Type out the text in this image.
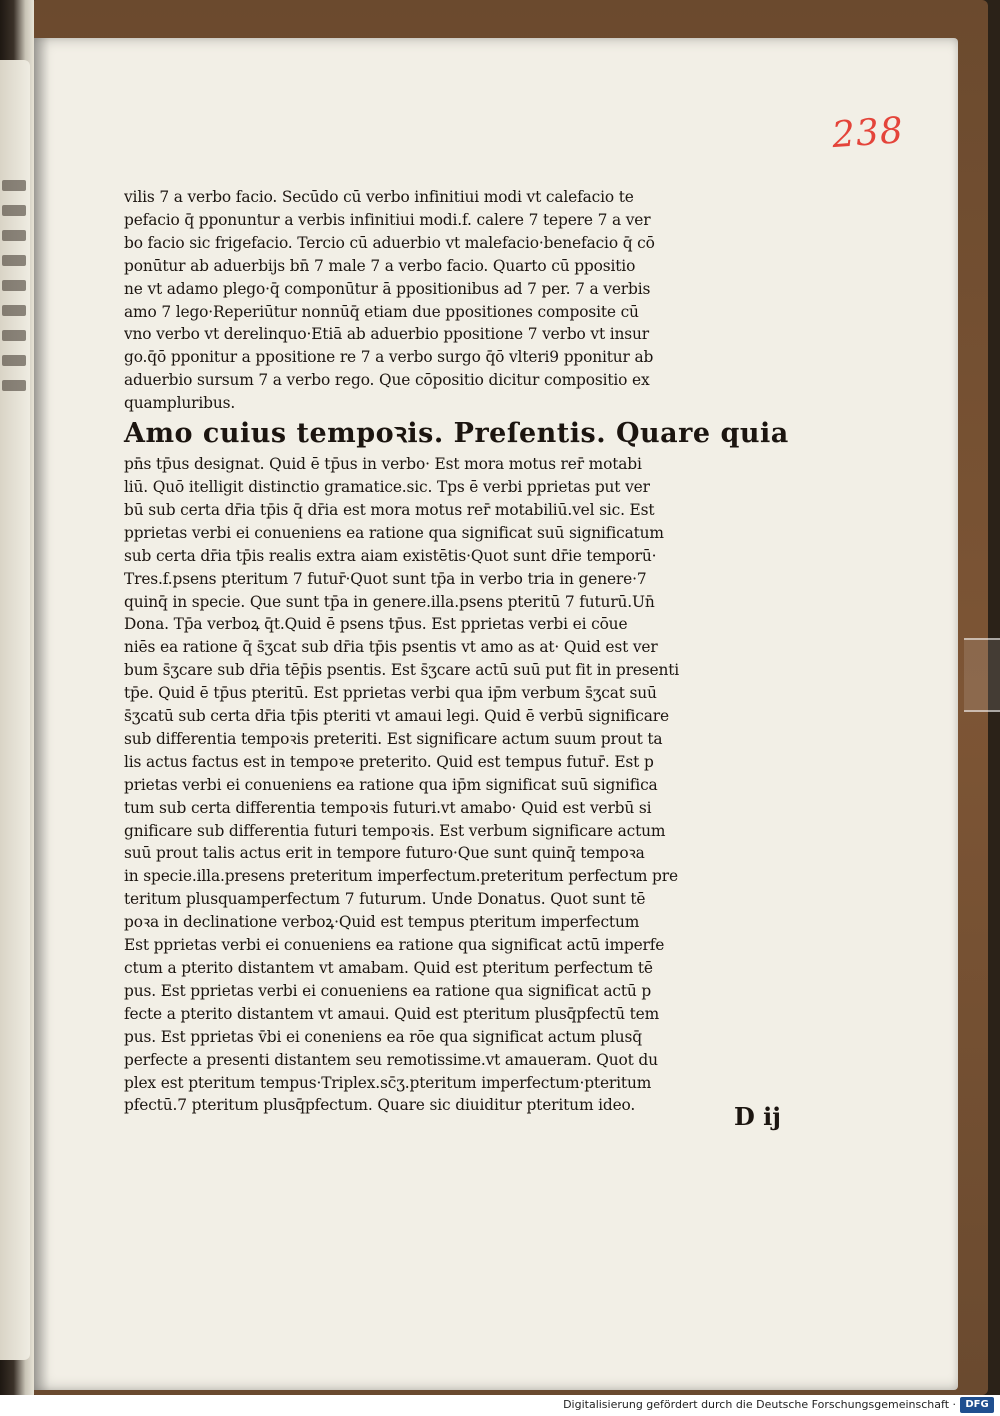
238
vilis 7 a verbo facio. Secūdo cū verbo infinitiui modi vt calefacio te
pefacio q̄ pponuntur a verbis infinitiui modi.f. calere 7 tepere 7 a ver
bo facio sic frigefacio. Tercio cū aduerbio vt malefacio·benefacio q̄ cō
ponūtur ab aduerbijs bn̄ 7 male 7 a verbo facio. Quarto cū ppositio
ne vt adamo plego·q̄ componūtur ā ppositionibus ad 7 per. 7 a verbis
amo 7 lego·Reperiūtur nonnūq̄ etiam due ppositiones composite cū
vno verbo vt derelinquo·Etiā ab aduerbio ppositione 7 verbo vt insur
go.q̄ō pponitur a ppositione re 7 a verbo surgo q̄ō vlteri9 pponitur ab
aduerbio sursum 7 a verbo rego. Que cōpositio dicitur compositio ex
quampluribus.
Amo cuius tempoꝛis. Preſentis. Quare quia
pn̄s tp̄us designat. Quid ē tp̄us in verbo· Est mora motus rer̄ motabi
liū. Quō itelligit distinctio gramatice.sic. Tps ē verbi pprietas put ver
bū sub certa dr̄ia tp̄is q̄ dr̄ia est mora motus rer̄ motabiliū.vel sic. Est
pprietas verbi ei conueniens ea ratione qua significat suū significatum
sub certa dr̄ia tp̄is realis extra aiam existētis·Quot sunt dr̄ie temporū·
Tres.f.psens pteritum 7 futur̄·Quot sunt tp̄a in verbo tria in genere·7
quinq̄ in specie. Que sunt tp̄a in genere.illa.psens pteritū 7 futurū.Un̄
Dona. Tp̄a verboꝝ q̄t.Quid ē psens tp̄us. Est pprietas verbi ei cōue
niēs ea ratione q̄ s̄ʒcat sub dr̄ia tp̄is psentis vt amo as at· Quid est ver
bum s̄ʒcare sub dr̄ia tēp̄is psentis. Est s̄ʒcare actū suū put fit in presenti
tp̄e. Quid ē tp̄us pteritū. Est pprietas verbi qua ip̄m verbum s̄ʒcat suū
s̄ʒcatū sub certa dr̄ia tp̄is pteriti vt amaui legi. Quid ē verbū significare
sub differentia tempoꝛis preteriti. Est significare actum suum prout ta
lis actus factus est in tempoꝛe preterito. Quid est tempus futur̄. Est p
prietas verbi ei conueniens ea ratione qua ip̄m significat suū significa
tum sub certa differentia tempoꝛis futuri.vt amabo· Quid est verbū si
gnificare sub differentia futuri tempoꝛis. Est verbum significare actum
suū prout talis actus erit in tempore futuro·Que sunt quinq̄ tempoꝛa
in specie.illa.presens preteritum imperfectum.preteritum perfectum pre
teritum plusquamperfectum 7 futurum. Unde Donatus. Quot sunt tē
poꝛa in declinatione verboꝝ·Quid est tempus pteritum imperfectum
Est pprietas verbi ei conueniens ea ratione qua significat actū imperfe
ctum a pterito distantem vt amabam. Quid est pteritum perfectum tē
pus. Est pprietas verbi ei conueniens ea ratione qua significat actū p
fecte a pterito distantem vt amaui. Quid est pteritum plusq̄pfectū tem
pus. Est pprietas v̄bi ei coneniens ea rōe qua significat actum plusq̄
perfecte a presenti distantem seu remotissime.vt amaueram. Quot du
plex est pteritum tempus·Triplex.sc̄ʒ.pteritum imperfectum·pteritum
pfectū.7 pteritum plusq̄pfectum. Quare sic diuiditur pteritum ideo.	D ij
Digitalisierung gefördert durch die Deutsche Forschungsgemeinschaft · DFG
